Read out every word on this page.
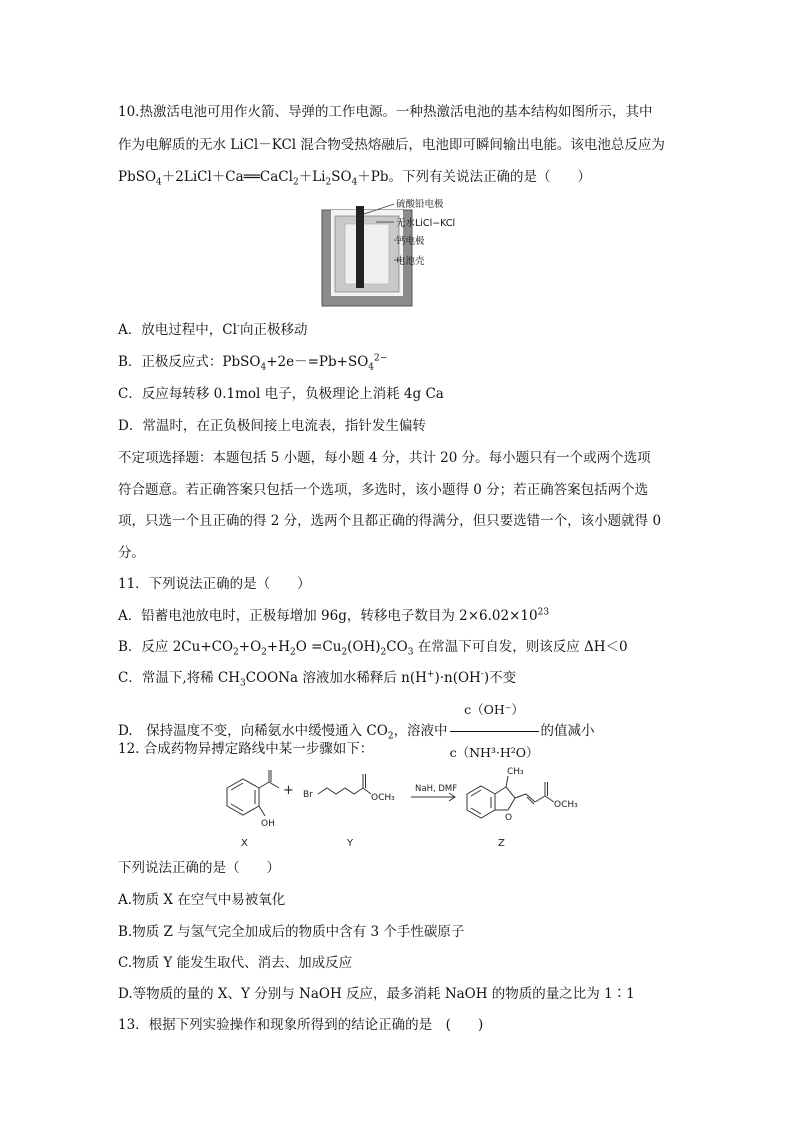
10.热激活电池可用作火箭、导弹的工作电源。一种热激活电池的基本结构如图所示，其中
作为电解质的无水 LiCl－KCl 混合物受热熔融后，电池即可瞬间输出电能。该电池总反应为
$PbSO_4+2LiCl+Ca══CaCl_2+Li_2SO_4+Pb$。下列有关说法正确的是（　　）
硫酸铅电极
无水LiCl−KCl
钙电极
电池壳
A．放电过程中，Cl-向正极移动
B．正极反应式：$PbSO_4+2e-=Pb+SO_4^{2-}$
C．反应每转移 0.1mol 电子，负极理论上消耗 4g Ca
D．常温时，在正负极间接上电流表，指针发生偏转
不定项选择题：本题包括 5 小题，每小题 4 分，共计 20 分。每小题只有一个或两个选项
符合题意。若正确答案只包括一个选项，多选时，该小题得 0 分；若正确答案包括两个选
项，只选一个且正确的得 2 分，选两个且都正确的得满分，但只要选错一个，该小题就得 0
分。
11．下列说法正确的是（　　）
A．铅蓄电池放电时，正极每增加 96g，转移电子数目为 $2\times 6.02\times 10^{23}$
B．反应 $2Cu+CO_2+O_2+H_2O =Cu_2(OH)_2CO_3$ 在常温下可自发，则该反应 ΔH＜0
C．常温下,将稀 $CH_3COONa$ 溶液加水稀释后 n(H+)·n(OH-)不变
D.　保持温度不变，向稀氨水中缓慢通入 $CO_2$，溶液中 $\frac{c(OH^-)}{\text{c（NH³·H²O）}}$ 的值减小
12. 合成药物异搏定路线中某一步骤如下：
OH
X
+ Br	OCH₃
Y
NaH, DMF
CH₃
O
OCH₃
Z
下列说法正确的是（　　）
A.物质 X 在空气中易被氧化
B.物质 Z 与氢气完全加成后的物质中含有 3 个手性碳原子
C.物质 Y 能发生取代、消去、加成反应
D.等物质的量的 X、Y 分别与 NaOH 反应，最多消耗 NaOH 的物质的量之比为 1∶1
13．根据下列实验操作和现象所得到的结论正确的是　(　　)
